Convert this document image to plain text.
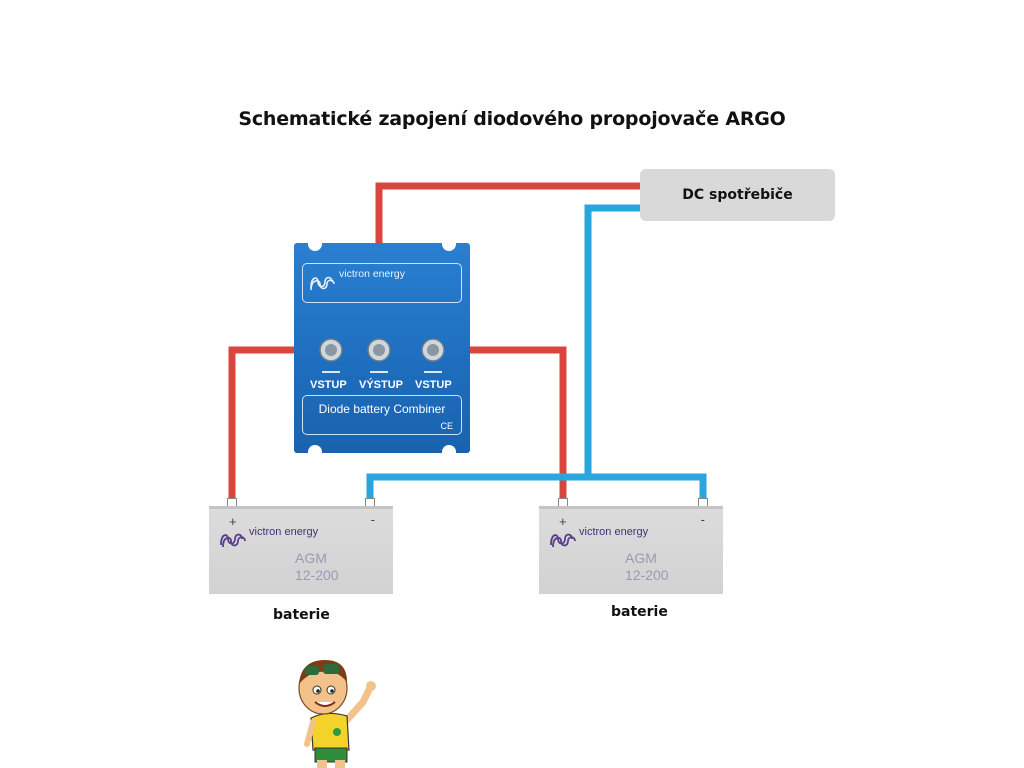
Schematické zapojení diodového propojovače ARGO
DC spotřebiče
victron energy
VSTUP VÝSTUP VSTUP
Diode battery Combiner
CE
+	-
victron energy
AGM
12-200
baterie
+	-
victron energy
AGM
12-200
baterie
